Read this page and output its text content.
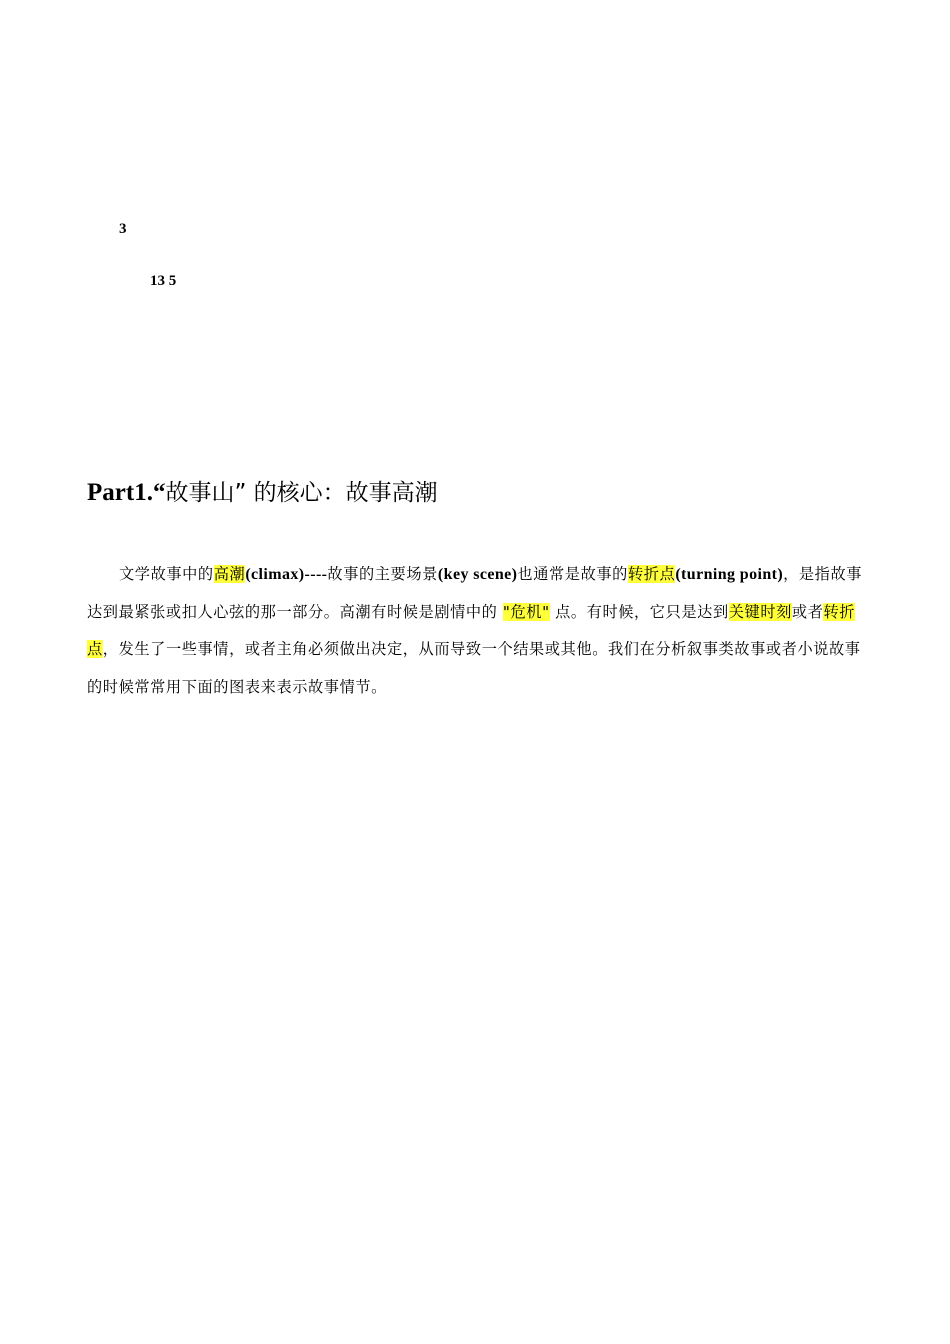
3
13 5
Part1.“故事山” 的核心：故事高潮

文学故事中的高潮(climax)----故事的主要场景(key scene)也通常是故事的转折点(turning point)，是指故事达到最紧张或扣人心弦的那一部分。高潮有时候是剧情中的 "危机" 点。有时候，它只是达到关键时刻或者转折点，发生了一些事情，或者主角必须做出决定，从而导致一个结果或其他。我们在分析叙事类故事或者小说故事的时候常常用下面的图表来表示故事情节。
